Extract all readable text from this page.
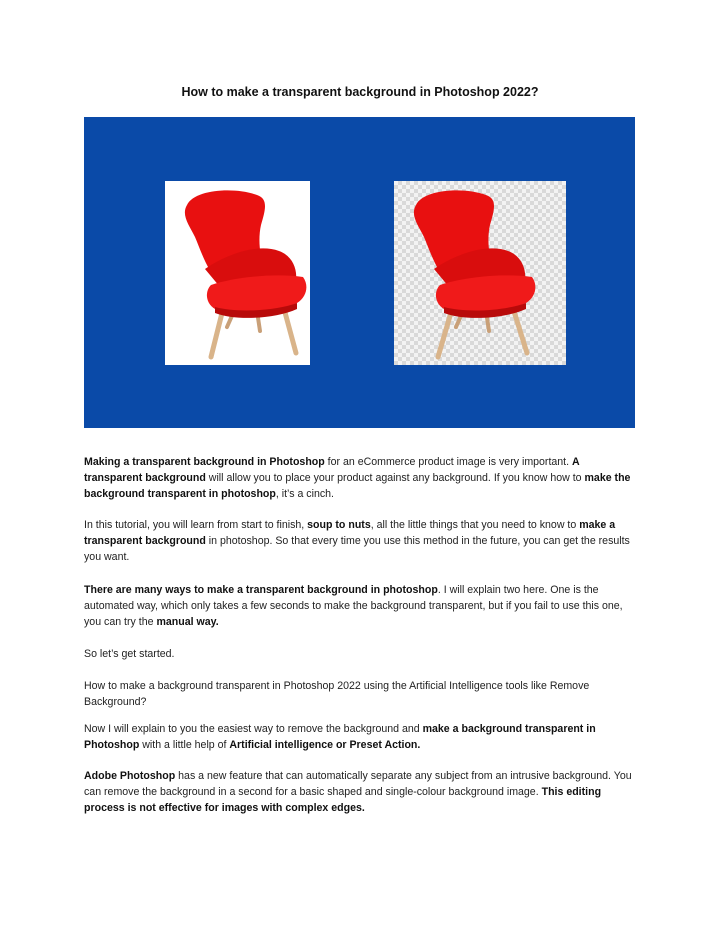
How to make a transparent background in Photoshop 2022?

Making a transparent background in Photoshop for an eCommerce product image is very important. A transparent background will allow you to place your product against any background. If you know how to make the background transparent in photoshop, it’s a cinch.

In this tutorial, you will learn from start to finish, soup to nuts, all the little things that you need to know to make a transparent background in photoshop. So that every time you use this method in the future, you can get the results you want.

There are many ways to make a transparent background in photoshop. I will explain two here. One is the automated way, which only takes a few seconds to make the background transparent, but if you fail to use this one, you can try the manual way.

So let’s get started.

How to make a background transparent in Photoshop 2022 using the Artificial Intelligence tools like Remove Background?

Now I will explain to you the easiest way to remove the background and make a background transparent in Photoshop with a little help of Artificial intelligence or Preset Action.

Adobe Photoshop has a new feature that can automatically separate any subject from an intrusive background. You can remove the background in a second for a basic shaped and single-colour background image. This editing process is not effective for images with complex edges.
